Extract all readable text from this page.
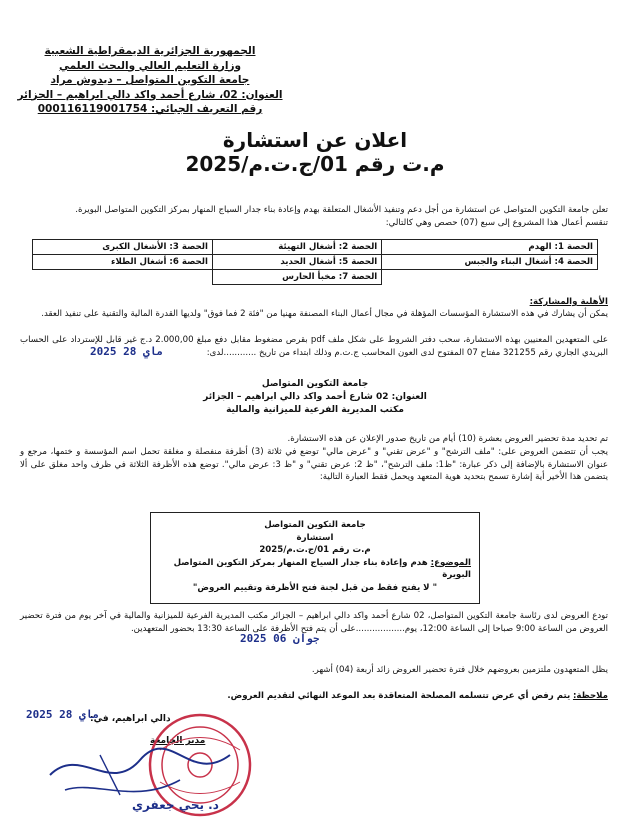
الجمهورية الجزائرية الديمقراطية الشعبية
وزارة التعليم العالي والبحث العلمي
جامعة التكوين المتواصل – ديدوش مراد
العنوان: 02، شارع أحمد واكد دالي ابراهيم – الجزائر
رقم التعريف الجبائي: 000116119001754
اعلان عن استشارة
م.ت رقم 01/ج.ت.م/2025
تعلن جامعة التكوين المتواصل عن استشارة من أجل دعم وتنفيذ الأشغال المتعلقة بهدم وإعادة بناء جدار السياج المنهار بمركز التكوين المتواصل البويرة.
تنقسم أعمال هذا المشروع إلى سبع (07) حصص وهي كالتالي:
الحصة 1: الهدم	الحصة 2: أشغال التهيئة	الحصة 3: الأشغال الكبرى
الحصة 4: أشغال البناء والجبس	الحصة 5: أشغال الحديد	الحصة 6: أشغال الطلاء
	الحصة 7: مخبأ الحارس	
الأهلية والمشاركة:
يمكن أن يشارك في هذه الاستشارة المؤسسات المؤهلة في مجال أعمال البناء المصنفة مهنيا من "فئة 2 فما فوق" ولديها القدرة المالية والتقنية على تنفيذ العقد.
على المتعهدين المعنيين بهذه الاستشارة، سحب دفتر الشروط على شكل ملف pdf بقرص مضغوط مقابل دفع مبلغ 2.000,00 د.ج غير قابل للإسترداد على الحساب البريدي الجاري رقم 321255 مفتاح 07 المفتوح لدى العون المحاسب ج.ت.م وذلك ابتداء من تاريخ ............لدى:
2025 ماي 28
جامعة التكوين المتواصل
العنوان: 02 شارع أحمد واكد دالي ابراهيم – الجزائر
مكتب المديرية الفرعية للميزانية والمالية
تم تحديد مدة تحضير العروض بعشرة (10) أيام من تاريخ صدور الإعلان عن هذه الاستشارة.
يجب أن تتضمن العروض على: "ملف الترشح" و "عرض تقني" و "عرض مالي" توضع في ثلاثة (3) أظرفة منفصلة و مغلقة تحمل اسم المؤسسة و ختمها، مرجع و عنوان الاستشارة بالإضافة إلى ذكر عبارة: "ظ1: ملف الترشح"، "ظ 2: عرض تقني" و "ظ 3: عرض مالي". توضع هذه الأظرفة الثلاثة في ظرف واحد مغلق على ألا يتضمن هذا الأخير أية إشارة تسمح بتحديد هوية المتعهد ويحمل فقط العبارة التالية:
جامعة التكوين المتواصل
استشارة
م.ت رقم 01/ج.ت.م/2025
الموضوع: هدم وإعادة بناء جدار السياج المنهار بمركز التكوين المتواصل البويرة
" لا يفتح فقط من قبل لجنة فتح الأظرفة وتقييم العروض"
تودع العروض لدى رئاسة جامعة التكوين المتواصل، 02 شارع أحمد واكد دالي ابراهيم – الجزائر مكتب المديرية الفرعية للميزانية والمالية في آخر يوم من فترة تحضير العروض من الساعة 9:00 صباحا إلى الساعة 12:00، يوم..................على أن يتم فتح الأظرفة على الساعة 13:30 بحضور المتعهدين.
2025 جوان 06
يظل المتعهدون ملتزمين بعروضهم خلال فترة تحضير العروض زائد أربعة (04) أشهر.
ملاحظة: يتم رفض أي عرض تتسلمه المصلحة المتعاقدة بعد الموعد النهائي لتقديم العروض.
دالي ابراهيم، في:
2025 ماي 28
مدير الجامعة
د. يحي جعفري
